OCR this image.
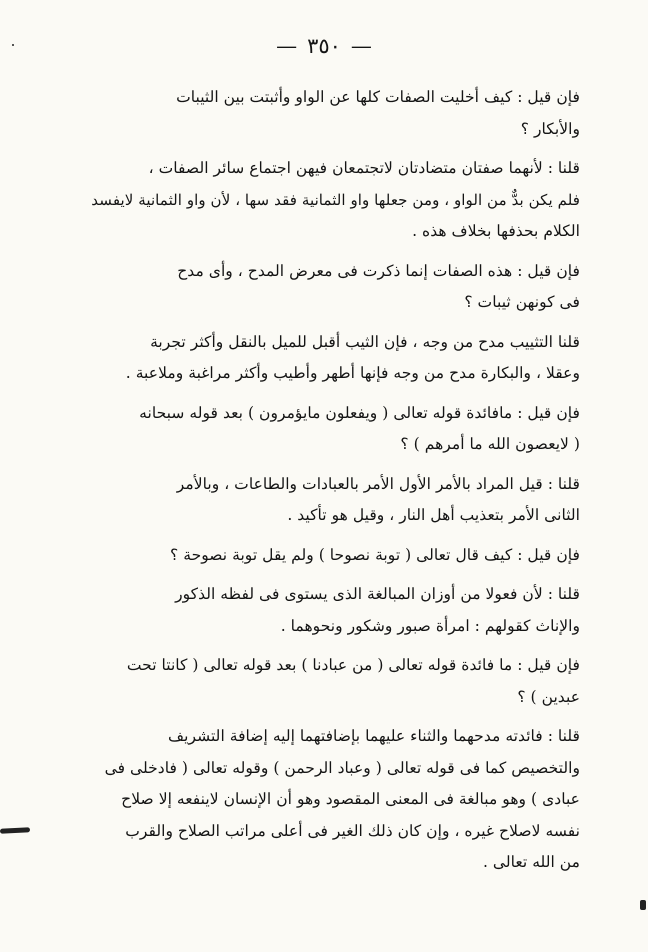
— ٣٥٠ —
فإن قيل : كيف أخليت الصفات كلها عن الواو وأثبتت بين الثيبات
والأبكار ؟
قلنا : لأنهما صفتان متضادتان لاتجتمعان فيهن اجتماع سائر الصفات ،
فلم يكن بدٌّ من الواو ، ومن جعلها واو الثمانية فقد سها ، لأن واو الثمانية لايفسد
الكلام بحذفها بخلاف هذه .
فإن قيل : هذه الصفات إنما ذكرت فى معرض المدح ، وأى مدح
فى كونهن ثيبات ؟
قلنا التثييب مدح من وجه ، فإن الثيب أقبل للميل بالنقل وأكثر تجربة
وعقلا ، والبكارة مدح من وجه فإنها أطهر وأطيب وأكثر مراغبة وملاعبة .
فإن قيل : مافائدة قوله تعالى ( ويفعلون مايؤمرون ) بعد قوله سبحانه
( لايعصون الله ما أمرهم ) ؟
قلنا : قيل المراد بالأمر الأول الأمر بالعبادات والطاعات ، وبالأمر
الثانى الأمر بتعذيب أهل النار ، وقيل هو تأكيد .
فإن قيل : كيف قال تعالى ( توبة نصوحا ) ولم يقل توبة نصوحة ؟
قلنا : لأن فعولا من أوزان المبالغة الذى يستوى فى لفظه الذكور
والإناث كقولهم : امرأة صبور وشكور ونحوهما .
فإن قيل : ما فائدة قوله تعالى ( من عبادنا ) بعد قوله تعالى ( كانتا تحت
عبدين ) ؟
قلنا : فائدته مدحهما والثناء عليهما بإضافتهما إليه إضافة التشريف
والتخصيص كما فى قوله تعالى ( وعباد الرحمن ) وقوله تعالى ( فادخلى فى
عبادى ) وهو مبالغة فى المعنى المقصود وهو أن الإنسان لاينفعه إلا صلاح
نفسه لاصلاح غيره ، وإن كان ذلك الغير فى أعلى مراتب الصلاح والقرب
من الله تعالى .
